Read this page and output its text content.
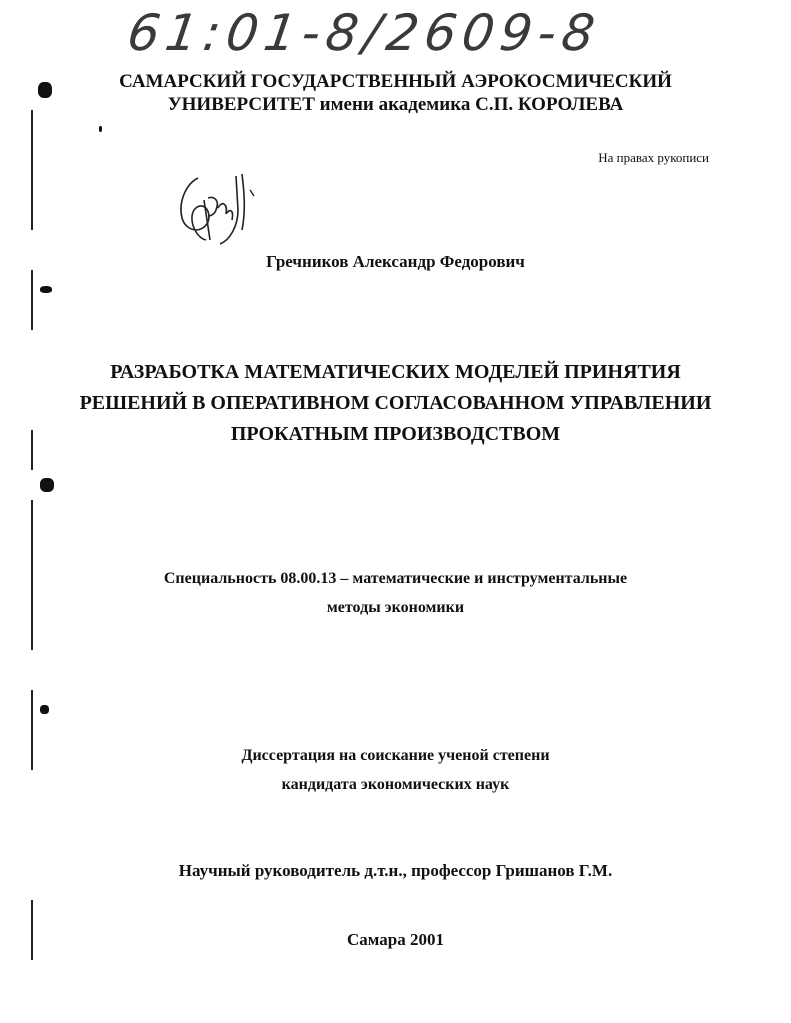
61:01-8/2609-8

САМАРСКИЙ ГОСУДАРСТВЕННЫЙ АЭРОКОСМИЧЕСКИЙ

УНИВЕРСИТЕТ имени академика С.П. КОРОЛЕВА

На правах рукописи

Гречников Александр Федорович

РАЗРАБОТКА МАТЕМАТИЧЕСКИХ МОДЕЛЕЙ ПРИНЯТИЯ

РЕШЕНИЙ В ОПЕРАТИВНОМ СОГЛАСОВАННОМ УПРАВЛЕНИИ

ПРОКАТНЫМ ПРОИЗВОДСТВОМ

Специальность 08.00.13 – математические и инструментальные

методы экономики

Диссертация на соискание ученой степени

кандидата экономических наук

Научный руководитель д.т.н., профессор Гришанов Г.М.

Самара 2001
